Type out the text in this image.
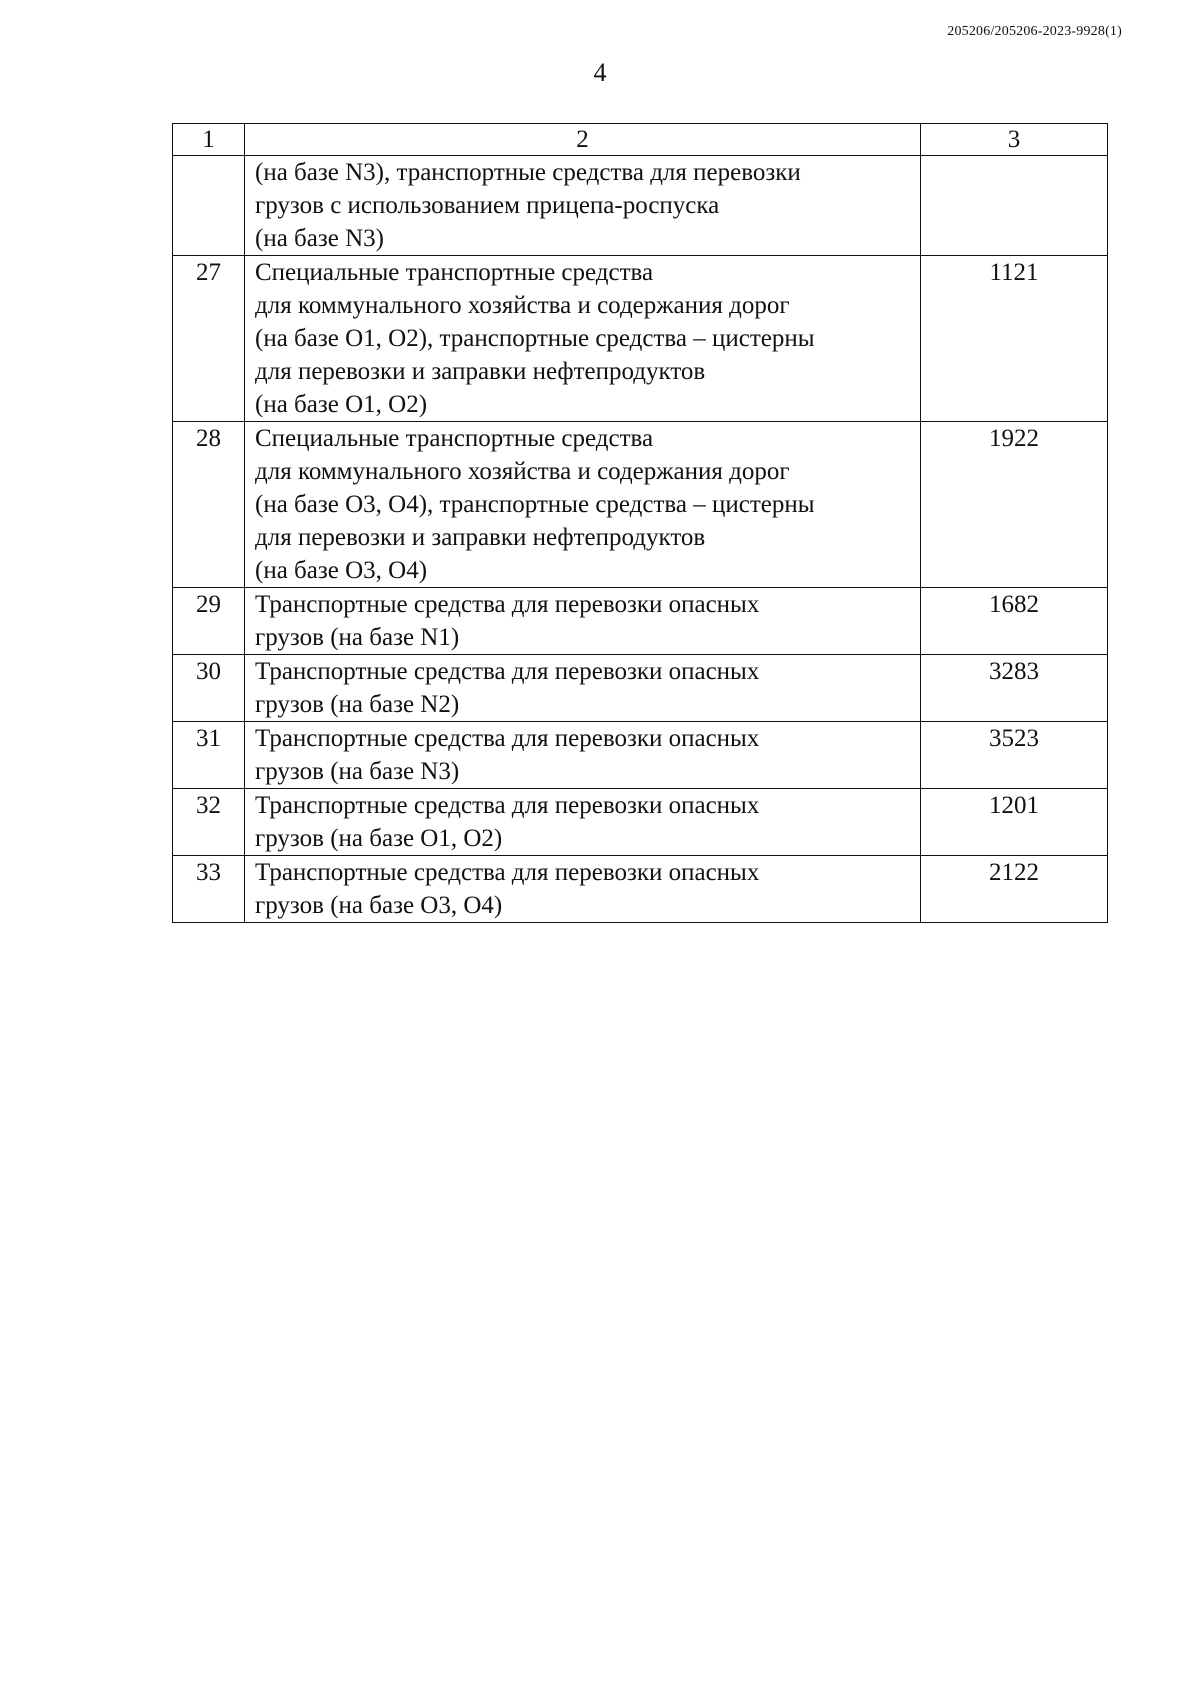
205206/205206-2023-9928(1)
4
1	2	3

	(на базе N3), транспортные средства для перевозки
грузов с использованием прицепа-роспуска
(на базе N3)	

27	Специальные транспортные средства
для коммунального хозяйства и содержания дорог
(на базе O1, O2), транспортные средства – цистерны
для перевозки и заправки нефтепродуктов
(на базе O1, O2)	1121
28	Специальные транспортные средства
для коммунального хозяйства и содержания дорог
(на базе O3, O4), транспортные средства – цистерны
для перевозки и заправки нефтепродуктов
(на базе O3, O4)	1922
29	Транспортные средства для перевозки опасных
грузов (на базе N1)	1682
30	Транспортные средства для перевозки опасных
грузов (на базе N2)	3283
31	Транспортные средства для перевозки опасных
грузов (на базе N3)	3523
32	Транспортные средства для перевозки опасных
грузов (на базе O1, O2)	1201
33	Транспортные средства для перевозки опасных
грузов (на базе O3, O4)	2122
